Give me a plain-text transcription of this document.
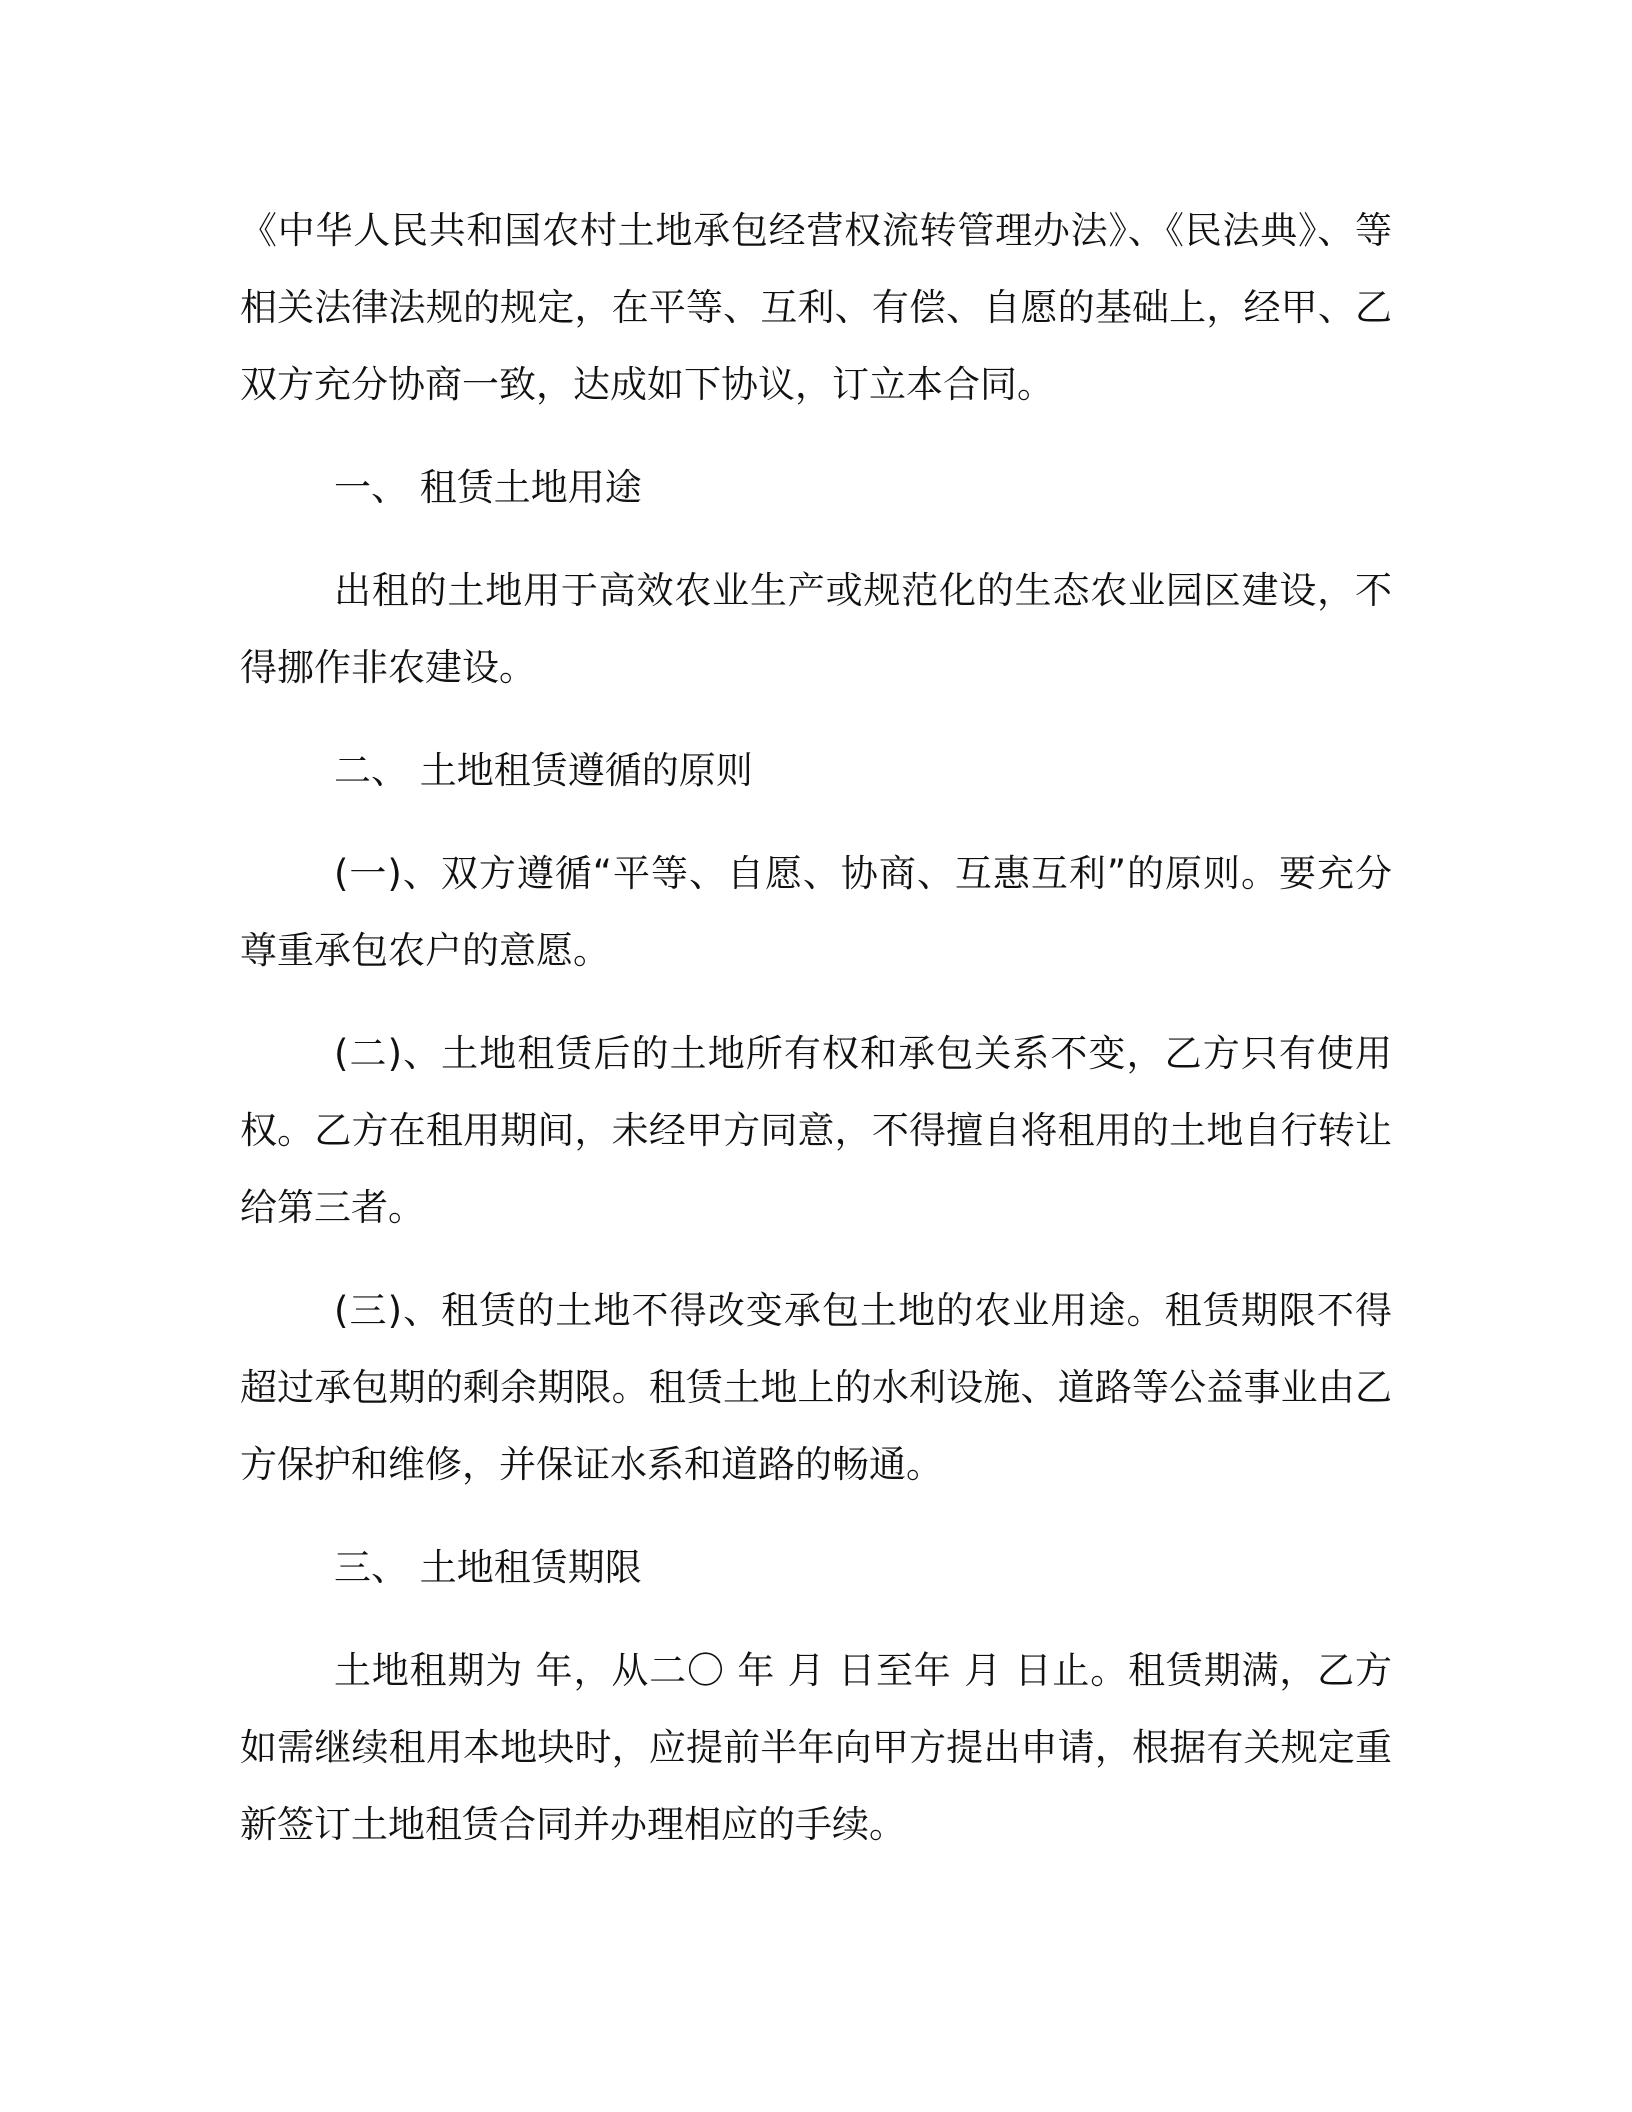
《中华人民共和国农村土地承包经营权流转管理办法》、《民法典》、等相关法律法规的规定，在平等、互利、有偿、自愿的基础上，经甲、乙双方充分协商一致，达成如下协议，订立本合同。

一、 租赁土地用途

出租的土地用于高效农业生产或规范化的生态农业园区建设，不得挪作非农建设。

二、 土地租赁遵循的原则

(一)、双方遵循“平等、自愿、协商、互惠互利”的原则。要充分尊重承包农户的意愿。

(二)、土地租赁后的土地所有权和承包关系不变，乙方只有使用权。乙方在租用期间，未经甲方同意，不得擅自将租用的土地自行转让给第三者。

(三)、租赁的土地不得改变承包土地的农业用途。租赁期限不得超过承包期的剩余期限。租赁土地上的水利设施、道路等公益事业由乙方保护和维修，并保证水系和道路的畅通。

三、 土地租赁期限

土地租期为 年，从二〇 年 月 日至年 月 日止。租赁期满，乙方如需继续租用本地块时，应提前半年向甲方提出申请，根据有关规定重新签订土地租赁合同并办理相应的手续。
